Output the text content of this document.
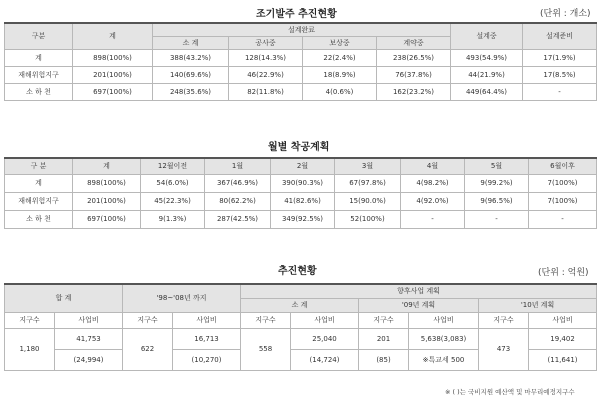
조기발주 추진현황	(단위 : 개소)
구분	계	설계완료				설계중	설계준비
		소 계	공사중	보상중	계약중		
계	898(100%)	388(43.2%)	128(14.3%)	22(2.4%)	238(26.5%)	493(54.9%)	17(1.9%)
재해위험지구	201(100%)	140(69.6%)	46(22.9%)	18(8.9%)	76(37.8%)	44(21.9%)	17(8.5%)
소 하 천	697(100%)	248(35.6%)	82(11.8%)	4(0.6%)	162(23.2%)	449(64.4%)	-
월별 착공계획
구 분	계	12월이전	1월	2월	3월	4월	5월	6월이후
계	898(100%)	54(6.0%)	367(46.9%)	390(90.3%)	67(97.8%)	4(98.2%)	9(99.2%)	7(100%)
재해위험지구	201(100%)	45(22.3%)	80(62.2%)	41(82.6%)	15(90.0%)	4(92.0%)	9(96.5%)	7(100%)
소 하 천	697(100%)	9(1.3%)	287(42.5%)	349(92.5%)	52(100%)	-	-	-
추진현황	(단위 : 억원)
합 계		'98~'08년 까지		향후사업 계획					
				소 계		'09년 계획		'10년 계획	
지구수	사업비	지구수	사업비	지구수	사업비	지구수	사업비	지구수	사업비
1,180	41,753	622	16,713	558	25,040	201	5,638(3,083)	473	19,402
	(24,994)		(10,270)		(14,724)	(85)	※특교세 500		(11,641)
※ ( )는 국비지원 예산액 및 마무리예정지구수
